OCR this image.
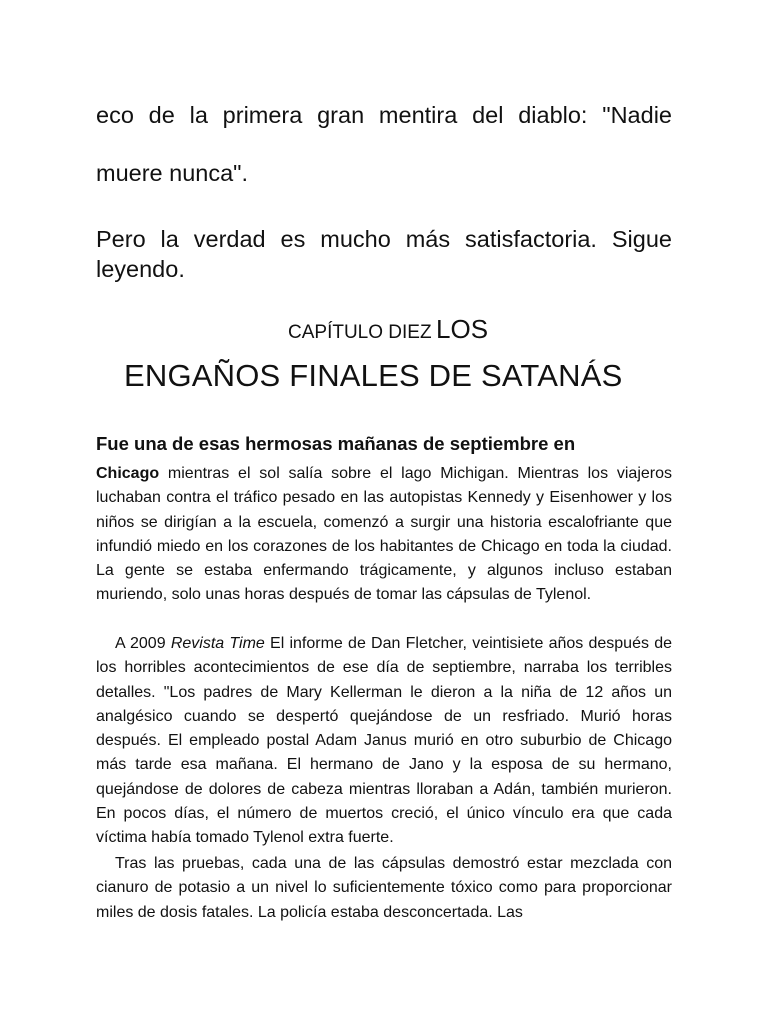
eco de la primera gran mentira del diablo: "Nadie
muere nunca".
Pero la verdad es mucho más satisfactoria. Sigue leyendo.
CAPÍTULO DIEZ LOS
ENGAÑOS FINALES DE SATANÁS
Fue una de esas hermosas mañanas de septiembre en

Chicago mientras el sol salía sobre el lago Michigan. Mientras los viajeros luchaban contra el tráfico pesado en las autopistas Kennedy y Eisenhower y los niños se dirigían a la escuela, comenzó a surgir una historia escalofriante que infundió miedo en los corazones de los habitantes de Chicago en toda la ciudad. La gente se estaba enfermando trágicamente, y algunos incluso estaban muriendo, solo unas horas después de tomar las cápsulas de Tylenol.

A 2009 Revista Time El informe de Dan Fletcher, veintisiete años después de los horribles acontecimientos de ese día de septiembre, narraba los terribles detalles. "Los padres de Mary Kellerman le dieron a la niña de 12 años un analgésico cuando se despertó quejándose de un resfriado. Murió horas después. El empleado postal Adam Janus murió en otro suburbio de Chicago más tarde esa mañana. El hermano de Jano y la esposa de su hermano, quejándose de dolores de cabeza mientras lloraban a Adán, también murieron. En pocos días, el número de muertos creció, el único vínculo era que cada víctima había tomado Tylenol extra fuerte.

Tras las pruebas, cada una de las cápsulas demostró estar mezclada con cianuro de potasio a un nivel lo suficientemente tóxico como para proporcionar miles de dosis fatales. La policía estaba desconcertada. Las
